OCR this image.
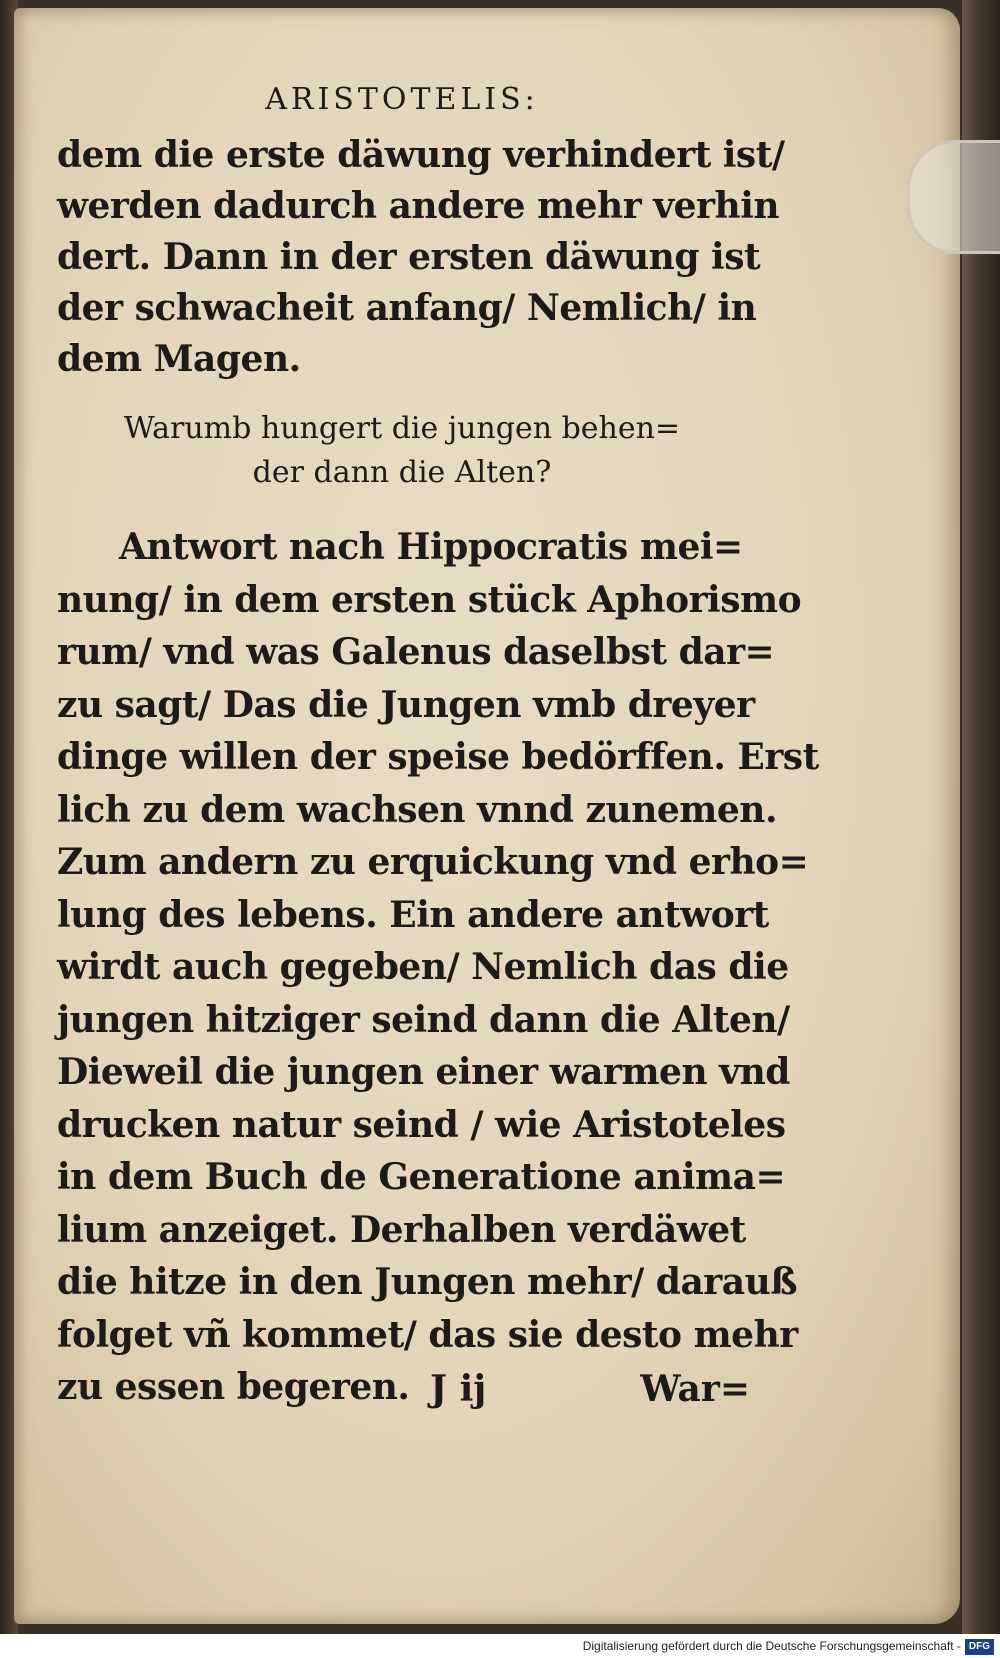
ARISTOTELIS:
dem die erste däwung verhindert ist/
werden dadurch andere mehr verhin
dert. Dann in der ersten däwung ist
der schwacheit anfang/ Nemlich/ in
dem Magen.
Warumb hungert die jungen behen=
der dann die Alten?
Antwort nach Hippocratis mei=
nung/ in dem ersten stück Aphorismo
rum/ vnd was Galenus daselbst dar=
zu sagt/ Das die Jungen vmb dreyer
dinge willen der speise bedörffen. Erst
lich zu dem wachsen vnnd zunemen.
Zum andern zu erquickung vnd erho=
lung des lebens. Ein andere antwort
wirdt auch gegeben/ Nemlich das die
jungen hitziger seind dann die Alten/
Dieweil die jungen einer warmen vnd
drucken natur seind / wie Aristoteles
in dem Buch de Generatione anima=
lium anzeiget. Derhalben verdäwet
die hitze in den Jungen mehr/ darauß
folget vñ kommet/ das sie desto mehr
zu essen begeren. J ij	War=
Digitalisierung gefördert durch die Deutsche Forschungsgemeinschaft - DFG
